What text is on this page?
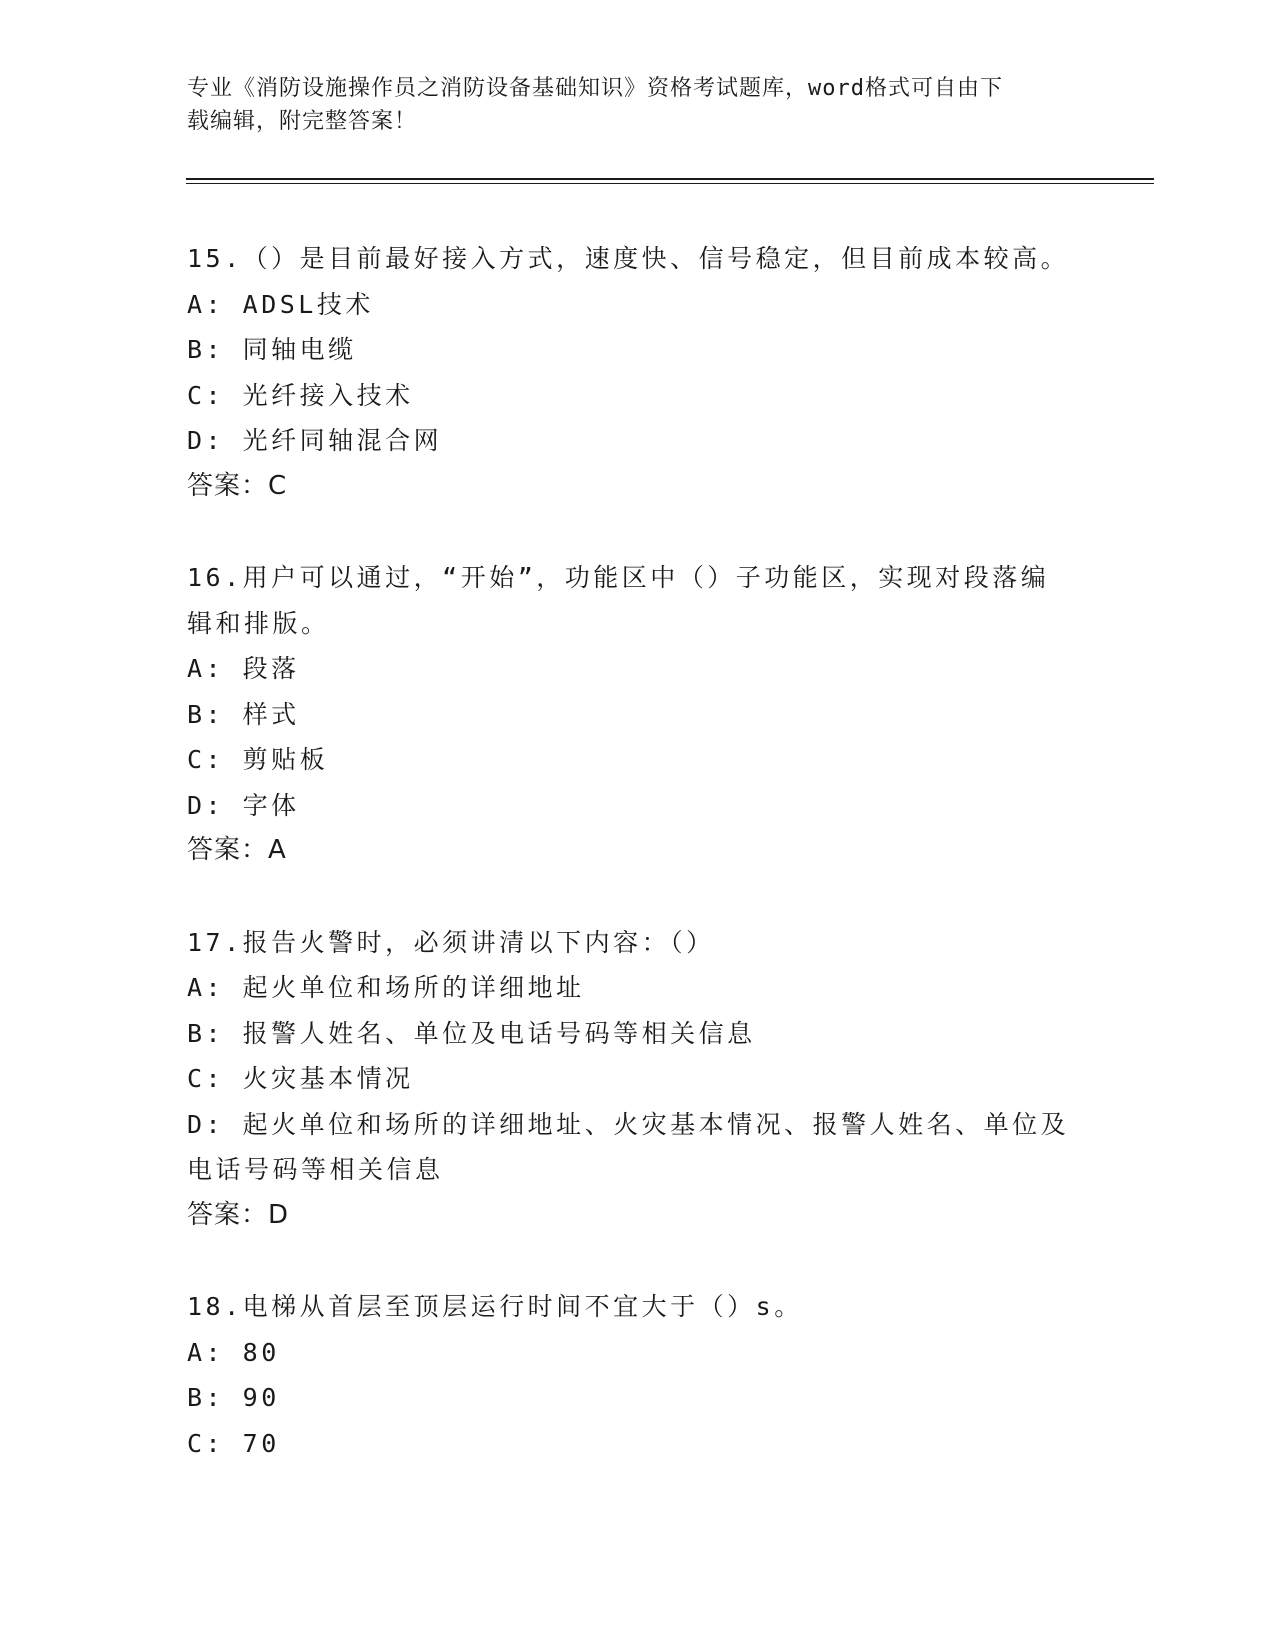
专业《消防设施操作员之消防设备基础知识》资格考试题库，word格式可自由下
载编辑，附完整答案！
15.（）是目前最好接入方式，速度快、信号稳定，但目前成本较高。
A: ADSL技术
B: 同轴电缆
C: 光纤接入技术
D: 光纤同轴混合网
答案：C
16.用户可以通过，“开始”，功能区中（）子功能区，实现对段落编
辑和排版。
A: 段落
B: 样式
C: 剪贴板
D: 字体
答案：A
17.报告火警时，必须讲清以下内容：（）
A: 起火单位和场所的详细地址
B: 报警人姓名、单位及电话号码等相关信息
C: 火灾基本情况
D: 起火单位和场所的详细地址、火灾基本情况、报警人姓名、单位及
电话号码等相关信息
答案：D
18.电梯从首层至顶层运行时间不宜大于（）s。
A: 80
B: 90
C: 70
